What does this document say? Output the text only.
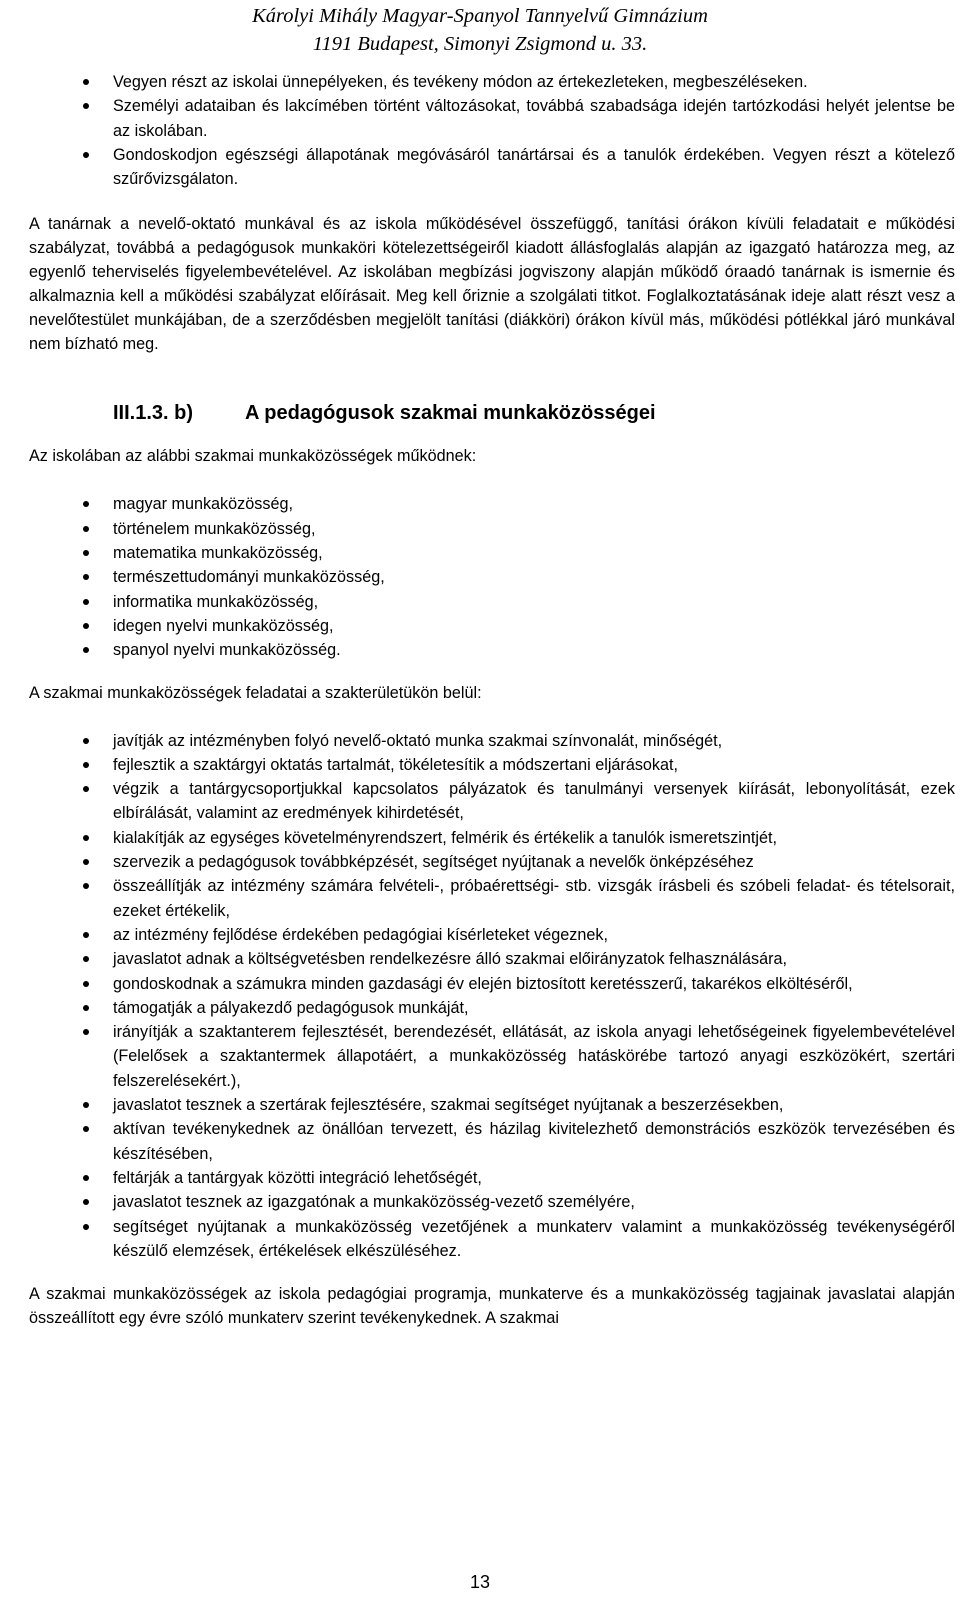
Károlyi Mihály Magyar-Spanyol Tannyelvű Gimnázium
1191 Budapest, Simonyi Zsigmond u. 33.
Vegyen részt az iskolai ünnepélyeken, és tevékeny módon az értekezleteken, megbeszéléseken.
Személyi adataiban és lakcímében történt változásokat, továbbá szabadsága idején tartózkodási helyét jelentse be az iskolában.
Gondoskodjon egészségi állapotának megóvásáról tanártársai és a tanulók érdekében. Vegyen részt a kötelező szűrővizsgálaton.

A tanárnak a nevelő-oktató munkával és az iskola működésével összefüggő, tanítási órákon kívüli feladatait e működési szabályzat, továbbá a pedagógusok munkaköri kötelezettségeiről kiadott állásfoglalás alapján az igazgató határozza meg, az egyenlő teherviselés figyelembevételével. Az iskolában megbízási jogviszony alapján működő óraadó tanárnak is ismernie és alkalmaznia kell a működési szabályzat előírásait. Meg kell őriznie a szolgálati titkot. Foglalkoztatásának ideje alatt részt vesz a nevelőtestület munkájában, de a szerződésben megjelölt tanítási (diákköri) órákon kívül más, működési pótlékkal járó munkával nem bízható meg.

III.1.3. b)	A pedagógusok szakmai munkaközösségei

Az iskolában az alábbi szakmai munkaközösségek működnek:

magyar munkaközösség,
történelem munkaközösség,
matematika munkaközösség,
természettudományi munkaközösség,
informatika munkaközösség,
idegen nyelvi munkaközösség,
spanyol nyelvi munkaközösség.

A szakmai munkaközösségek feladatai a szakterületükön belül:

javítják az intézményben folyó nevelő-oktató munka szakmai színvonalát, minőségét,
fejlesztik a szaktárgyi oktatás tartalmát, tökéletesítik a módszertani eljárásokat,
végzik a tantárgycsoportjukkal kapcsolatos pályázatok és tanulmányi versenyek kiírását, lebonyolítását, ezek elbírálását, valamint az eredmények kihirdetését,
kialakítják az egységes követelményrendszert, felmérik és értékelik a tanulók ismeretszintjét,
szervezik a pedagógusok továbbképzését, segítséget nyújtanak a nevelők önképzéséhez
összeállítják az intézmény számára felvételi-, próbaérettségi- stb. vizsgák írásbeli és szóbeli feladat- és tételsorait, ezeket értékelik,
az intézmény fejlődése érdekében pedagógiai kísérleteket végeznek,
javaslatot adnak a költségvetésben rendelkezésre álló szakmai előirányzatok felhasználására,
gondoskodnak a számukra minden gazdasági év elején biztosított keretésszerű, takarékos elköltéséről,
támogatják a pályakezdő pedagógusok munkáját,
irányítják a szaktanterem fejlesztését, berendezését, ellátását, az iskola anyagi lehetőségeinek figyelembevételével (Felelősek a szaktantermek állapotáért, a munkaközösség hatáskörébe tartozó anyagi eszközökért, szertári felszerelésekért.),
javaslatot tesznek a szertárak fejlesztésére, szakmai segítséget nyújtanak a beszerzésekben,
aktívan tevékenykednek az önállóan tervezett, és házilag kivitelezhető demonstrációs eszközök tervezésében és készítésében,
feltárják a tantárgyak közötti integráció lehetőségét,
javaslatot tesznek az igazgatónak a munkaközösség-vezető személyére,
segítséget nyújtanak a munkaközösség vezetőjének a munkaterv valamint a munkaközösség tevékenységéről készülő elemzések, értékelések elkészüléséhez.

A szakmai munkaközösségek az iskola pedagógiai programja, munkaterve és a munkaközösség tagjainak javaslatai alapján összeállított egy évre szóló munkaterv szerint tevékenykednek. A szakmai

13
